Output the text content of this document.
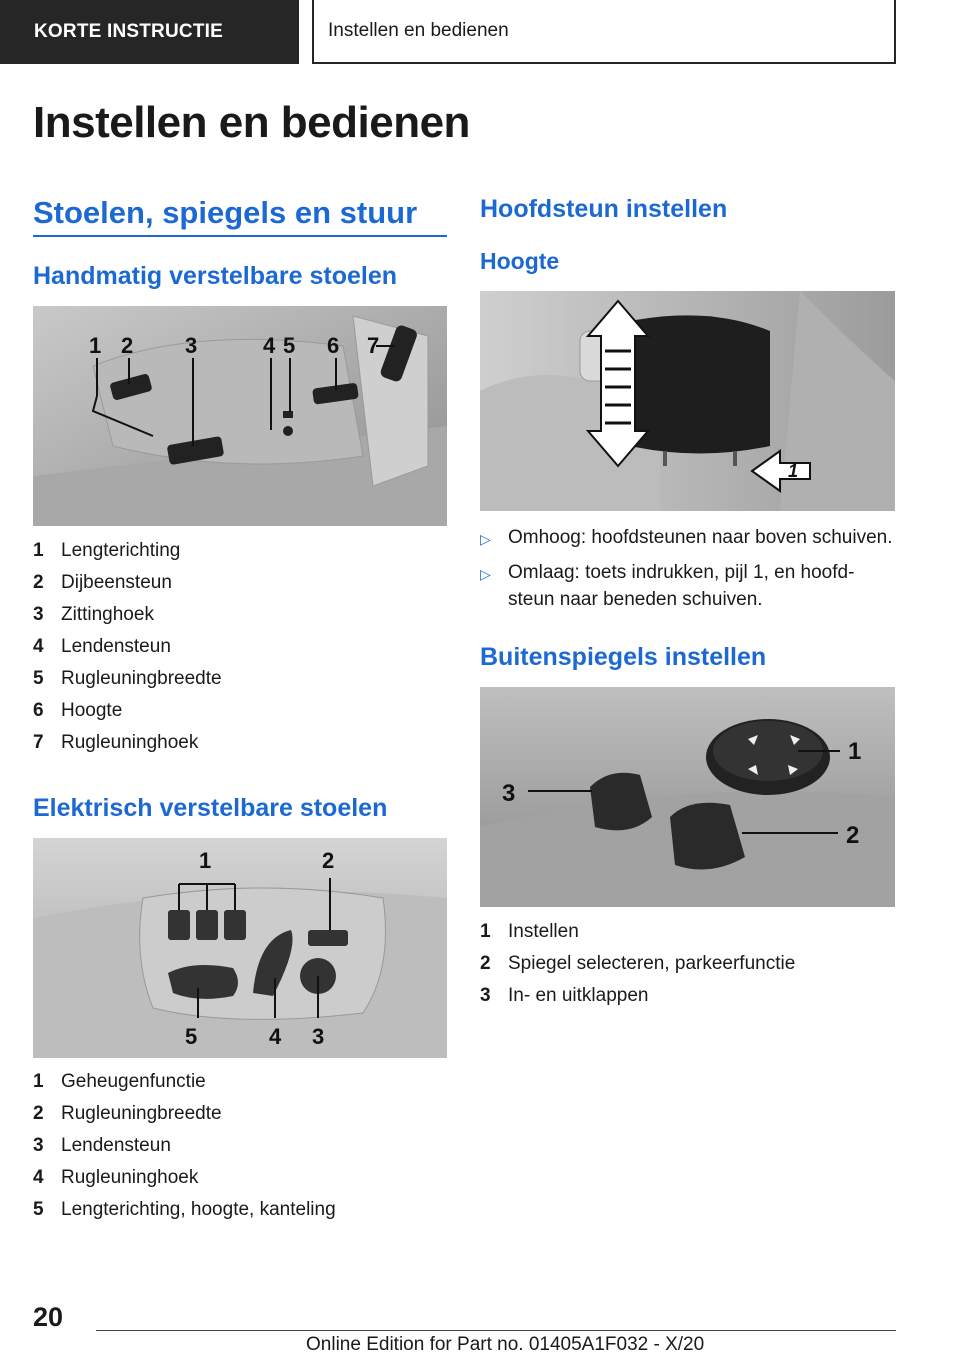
KORTE INSTRUCTIE	Instellen en bedienen
Instellen en bedienen
Stoelen, spiegels en stuur
Handmatig verstelbare stoelen
1 2 3	4 5 6 7
1 Lengterichting
2 Dijbeensteun
3 Zittinghoek
4 Lendensteun
5 Rugleuningbreedte
6 Hoogte
7 Rugleuninghoek
Elektrisch verstelbare stoelen
1	2
3
4
5
1 Geheugenfunctie
2 Rugleuningbreedte
3 Lendensteun
4 Rugleuninghoek
5 Lengterichting, hoogte, kanteling
Hoofdsteun instellen
Hoogte
1
▷ Omhoog: hoofdsteunen naar boven schuiven.
▷ Omlaag: toets indrukken, pijl 1, en hoofd-steun naar beneden schuiven.
Buitenspiegels instellen
1
2
3
1 Instellen
2 Spiegel selecteren, parkeerfunctie
3 In- en uitklappen
20
Online Edition for Part no. 01405A1F032 - X/20
